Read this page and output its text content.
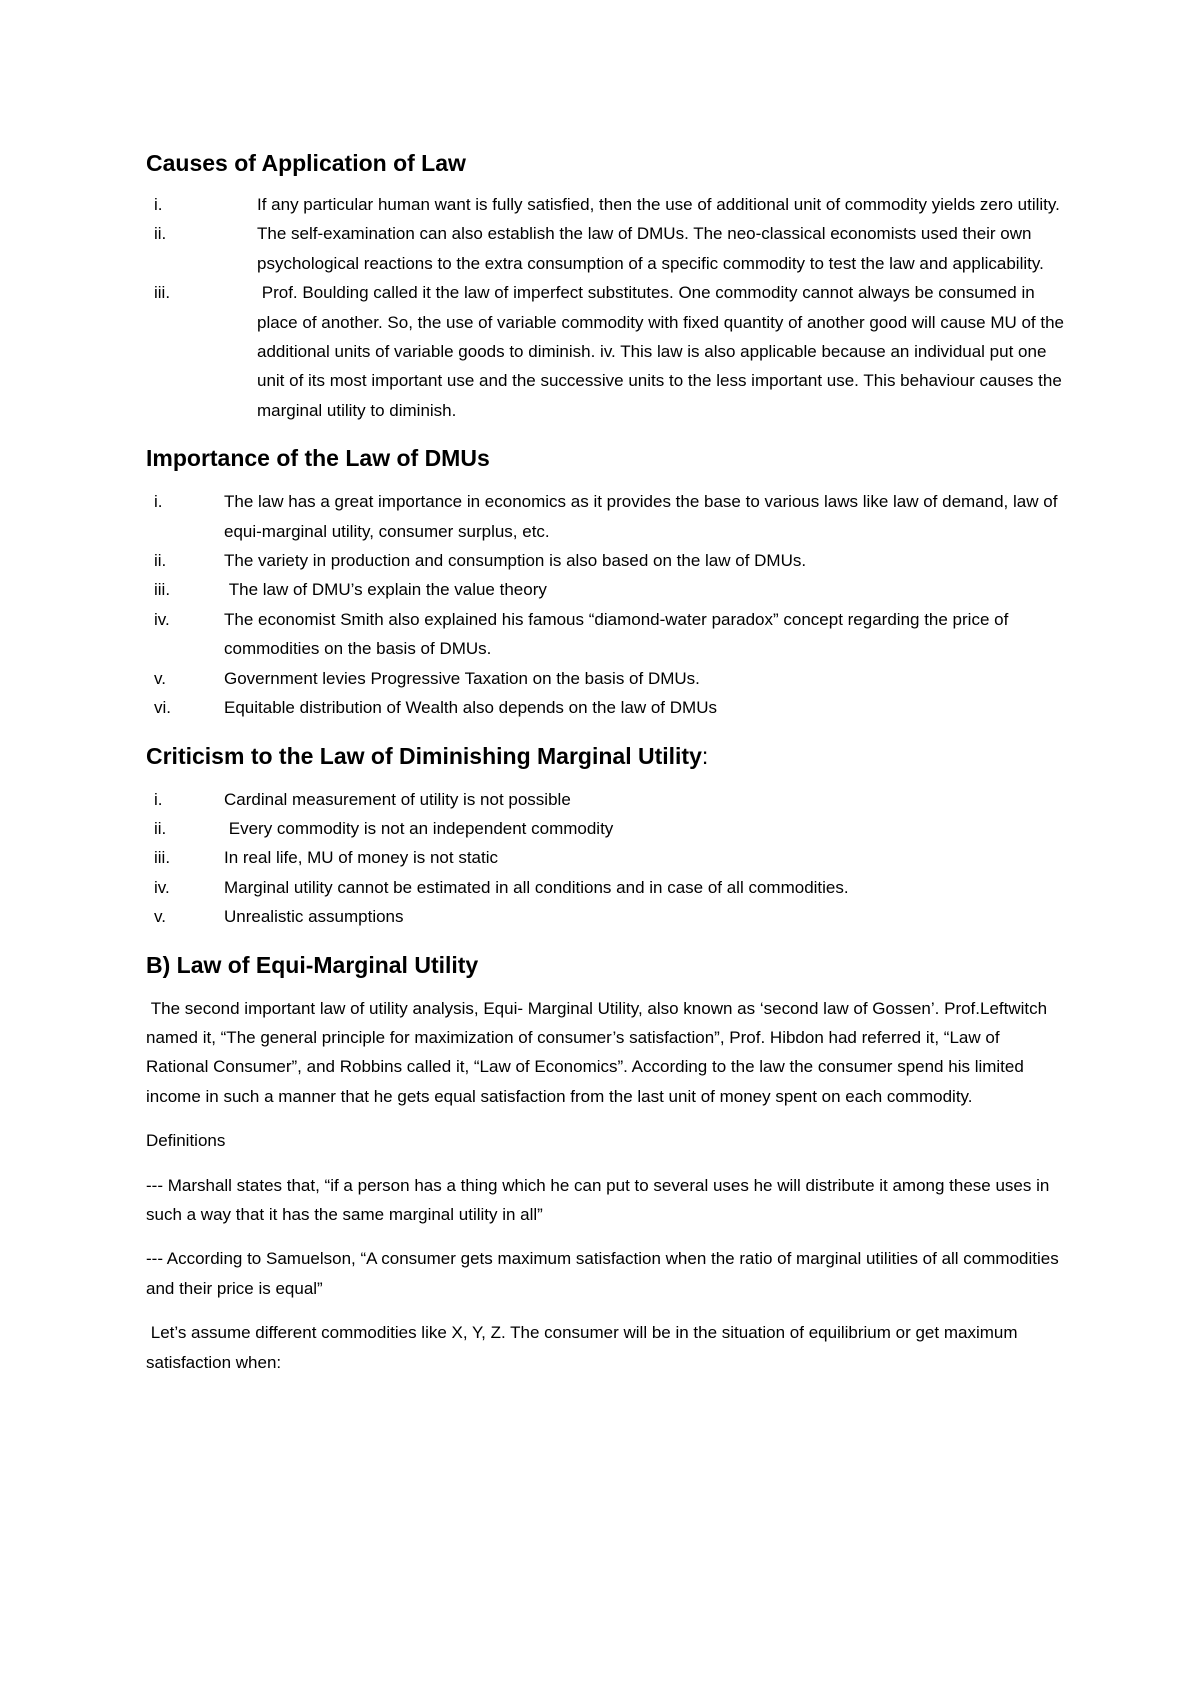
Causes of Application of Law
i.	If any particular human want is fully satisfied, then the use of additional unit of commodity yields zero utility.
ii.	The self-examination can also establish the law of DMUs. The neo-classical economists used their own psychological reactions to the extra consumption of a specific commodity to test the law and applicability.
iii.	Prof. Boulding called it the law of imperfect substitutes. One commodity cannot always be consumed in place of another. So, the use of variable commodity with fixed quantity of another good will cause MU of the additional units of variable goods to diminish. iv. This law is also applicable because an individual put one unit of its most important use and the successive units to the less important use. This behaviour causes the marginal utility to diminish.
Importance of the Law of DMUs
i.	The law has a great importance in economics as it provides the base to various laws like law of demand, law of equi-marginal utility, consumer surplus, etc.
ii.	The variety in production and consumption is also based on the law of DMUs.
iii.	The law of DMU’s explain the value theory
iv.	The economist Smith also explained his famous “diamond-water paradox” concept regarding the price of commodities on the basis of DMUs.
v.	Government levies Progressive Taxation on the basis of DMUs.
vi.	Equitable distribution of Wealth also depends on the law of DMUs
Criticism to the Law of Diminishing Marginal Utility:
i.	Cardinal measurement of utility is not possible
ii.	Every commodity is not an independent commodity
iii.	In real life, MU of money is not static
iv.	Marginal utility cannot be estimated in all conditions and in case of all commodities.
v.	Unrealistic assumptions
B) Law of Equi-Marginal Utility

The second important law of utility analysis, Equi- Marginal Utility, also known as ‘second law of Gossen’. Prof.Leftwitch named it, “The general principle for maximization of consumer’s satisfaction”, Prof. Hibdon had referred it, “Law of Rational Consumer”, and Robbins called it, “Law of Economics”. According to the law the consumer spend his limited income in such a manner that he gets equal satisfaction from the last unit of money spent on each commodity.

Definitions

--- Marshall states that, “if a person has a thing which he can put to several uses he will distribute it among these uses in such a way that it has the same marginal utility in all”

--- According to Samuelson, “A consumer gets maximum satisfaction when the ratio of marginal utilities of all commodities and their price is equal”

Let’s assume different commodities like X, Y, Z. The consumer will be in the situation of equilibrium or get maximum satisfaction when:
